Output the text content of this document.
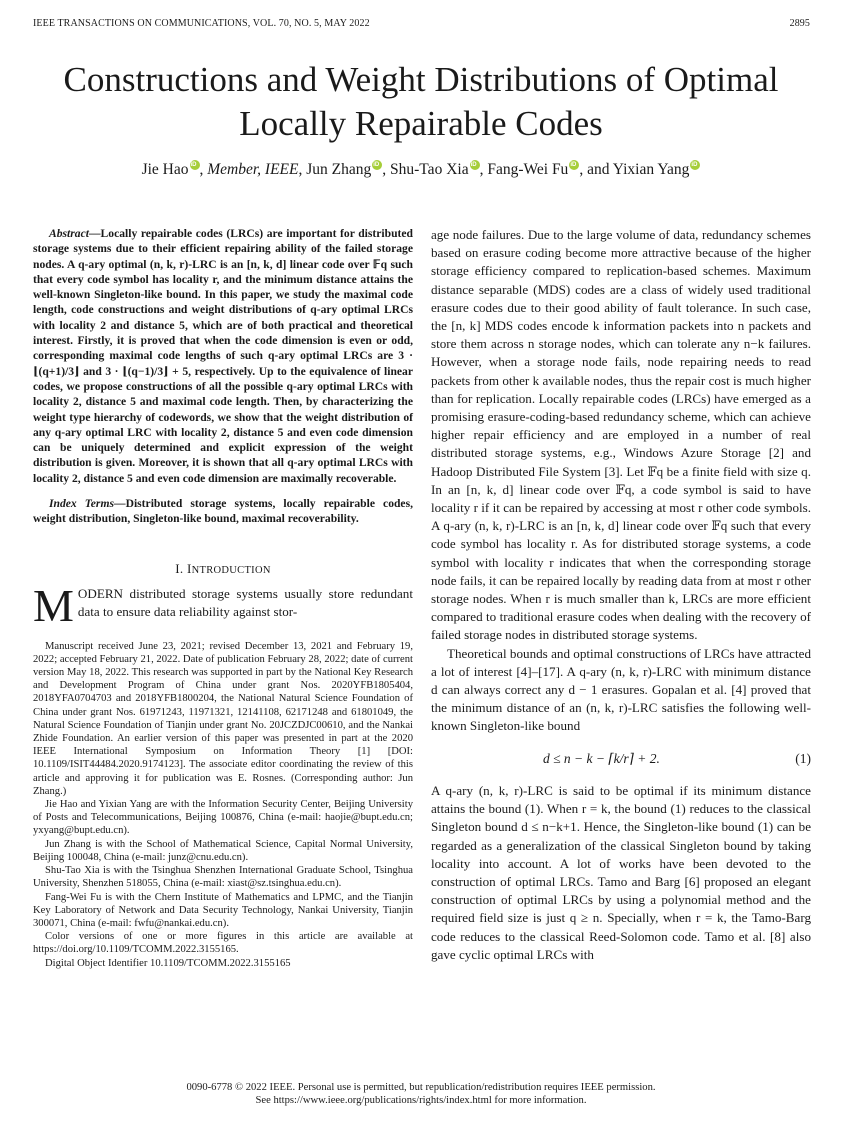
IEEE TRANSACTIONS ON COMMUNICATIONS, VOL. 70, NO. 5, MAY 2022	2895
Constructions and Weight Distributions of Optimal
Locally Repairable Codes
Jie Hao iD , Member, IEEE, Jun Zhang iD , Shu-Tao Xia iD , Fang-Wei Fu iD , and Yixian YangiD

Abstract—Locally repairable codes (LRCs) are important for distributed storage systems due to their efficient repairing ability of the failed storage nodes. A q-ary optimal (n, k, r)-LRC is an [n, k, d] linear code over 𝔽q such that every code symbol has locality r, and the minimum distance attains the well-known Singleton-like bound. In this paper, we study the maximal code length, code constructions and weight distributions of q-ary optimal LRCs with locality 2 and distance 5, which are of both practical and theoretical interest. Firstly, it is proved that when the code dimension is even or odd, corresponding maximal code lengths of such q-ary optimal LRCs are 3 · ⌊(q+1)/3⌋ and 3 · ⌊(q−1)/3⌋ + 5, respectively. Up to the equivalence of linear codes, we propose constructions of all the possible q-ary optimal LRCs with locality 2, distance 5 and maximal code length. Then, by characterizing the weight type hierarchy of codewords, we show that the weight distribution of any q-ary optimal LRC with locality 2, distance 5 and even code dimension can be uniquely determined and explicit expression of the weight distribution is given. Moreover, it is shown that all q-ary optimal LRCs with locality 2, distance 5 and even code dimension are maximally recoverable.

Index Terms—Distributed storage systems, locally repairable codes, weight distribution, Singleton-like bound, maximal recoverability.
I. INTRODUCTION
MODERN distributed storage systems usually store redundant data to ensure data reliability against stor-

Manuscript received June 23, 2021; revised December 13, 2021 and February 19, 2022; accepted February 21, 2022. Date of publication February 28, 2022; date of current version May 18, 2022. This research was supported in part by the National Key Research and Development Program of China under grant Nos. 2020YFB1805404, 2018YFA0704703 and 2018YFB1800204, the National Natural Science Foundation of China under grant Nos. 61971243, 11971321, 12141108, 62171248 and 61801049, the Natural Science Foundation of Tianjin under grant No. 20JCZDJC00610, and the Nankai Zhide Foundation. An earlier version of this paper was presented in part at the 2020 IEEE International Symposium on Information Theory [1] [DOI: 10.1109/ISIT44484.2020.9174123]. The associate editor coordinating the review of this article and approving it for publication was E. Rosnes. (Corresponding author: Jun Zhang.)

Jie Hao and Yixian Yang are with the Information Security Center, Beijing University of Posts and Telecommunications, Beijing 100876, China (e-mail: haojie@bupt.edu.cn; yxyang@bupt.edu.cn).

Jun Zhang is with the School of Mathematical Science, Capital Normal University, Beijing 100048, China (e-mail: junz@cnu.edu.cn).

Shu-Tao Xia is with the Tsinghua Shenzhen International Graduate School, Tsinghua University, Shenzhen 518055, China (e-mail: xiast@sz.tsinghua.edu.cn).

Fang-Wei Fu is with the Chern Institute of Mathematics and LPMC, and the Tianjin Key Laboratory of Network and Data Security Technology, Nankai University, Tianjin 300071, China (e-mail: fwfu@nankai.edu.cn).

Color versions of one or more figures in this article are available at https://doi.org/10.1109/TCOMM.2022.3155165.

Digital Object Identifier 10.1109/TCOMM.2022.3155165

age node failures. Due to the large volume of data, redundancy schemes based on erasure coding become more attractive because of the higher storage efficiency compared to replication-based schemes. Maximum distance separable (MDS) codes are a class of widely used traditional erasure codes due to their good ability of fault tolerance. In such case, the [n, k] MDS codes encode k information packets into n packets and store them across n storage nodes, which can tolerate any n−k failures. However, when a storage node fails, node repairing needs to read packets from other k available nodes, thus the repair cost is much higher than for replication. Locally repairable codes (LRCs) have emerged as a promising erasure-coding-based redundancy scheme, which can achieve higher repair efficiency and are employed in a number of real distributed storage systems, e.g., Windows Azure Storage [2] and Hadoop Distributed File System [3]. Let 𝔽q be a finite field with size q. In an [n, k, d] linear code over 𝔽q, a code symbol is said to have locality r if it can be repaired by accessing at most r other code symbols. A q-ary (n, k, r)-LRC is an [n, k, d] linear code over 𝔽q such that every code symbol has locality r. As for distributed storage systems, a code symbol with locality r indicates that when the corresponding storage node fails, it can be repaired locally by reading data from at most r other storage nodes. When r is much smaller than k, LRCs are more efficient compared to traditional erasure codes when dealing with the recovery of failed storage nodes in distributed storage systems.

Theoretical bounds and optimal constructions of LRCs have attracted a lot of interest [4]–[17]. A q-ary (n, k, r)-LRC with minimum distance d can always correct any d − 1 erasures. Gopalan et al. [4] proved that the minimum distance of an (n, k, r)-LRC satisfies the following well-known Singleton-like bound

d ≤ n − k − ⌈k/r⌉ + 2.	(1)

A q-ary (n, k, r)-LRC is said to be optimal if its minimum distance attains the bound (1). When r = k, the bound (1) reduces to the classical Singleton bound d ≤ n−k+1. Hence, the Singleton-like bound (1) can be regarded as a generalization of the classical Singleton bound by taking locality into account. A lot of works have been devoted to the construction of optimal LRCs. Tamo and Barg [6] proposed an elegant construction of optimal LRCs by using a polynomial method and the required field size is just q ≥ n. Specially, when r = k, the Tamo-Barg code reduces to the classical Reed-Solomon code. Tamo et al. [8] also gave cyclic optimal LRCs with

0090-6778 © 2022 IEEE. Personal use is permitted, but republication/redistribution requires IEEE permission.
See https://www.ieee.org/publications/rights/index.html for more information.
